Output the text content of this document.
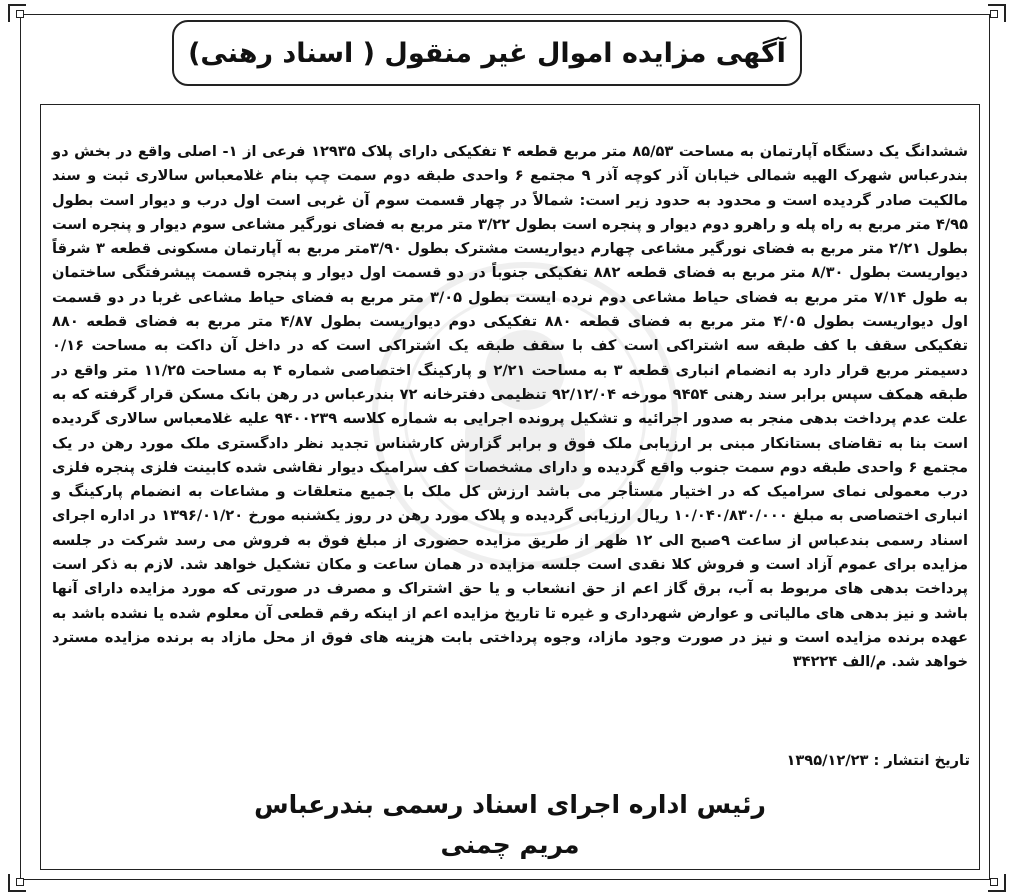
آگهی مزایده اموال غیر منقول ( اسناد رهنی)
ششدانگ یک دستگاه آپارتمان به مساحت ۸۵/۵۳ متر مربع قطعه ۴ تفکیکی دارای پلاک ۱۲۹۳۵ فرعی از ۱- اصلی واقع در بخش دو بندرعباس شهرک الهیه شمالی خیابان آذر کوچه آذر ۹ مجتمع ۶ واحدی طبقه دوم سمت چپ بنام غلامعباس سالاری ثبت و سند مالکیت صادر گردیده است و محدود به حدود زیر است: شمالاً در چهار قسمت سوم آن غربی است اول درب و دیوار است بطول ۴/۹۵ متر مربع به راه پله و راهرو دوم دیوار و پنجره است بطول ۳/۲۲ متر مربع به فضای نورگیر مشاعی سوم دیوار و پنجره است بطول ۲/۲۱ متر مربع به فضای نورگیر مشاعی چهارم دیواریست مشترک بطول ۳/۹۰متر مربع به آپارتمان مسکونی قطعه ۳ شرقاً دیواریست بطول ۸/۳۰ متر مربع به فضای قطعه ۸۸۲ تفکیکی جنوباً در دو قسمت اول دیوار و پنجره قسمت پیشرفتگی ساختمان به طول ۷/۱۴ متر مربع به فضای حیاط مشاعی دوم نرده ایست بطول ۳/۰۵ متر مربع به فضای حیاط مشاعی غربا در دو قسمت اول دیواریست بطول ۴/۰۵ متر مربع به فضای قطعه ۸۸۰ تفکیکی دوم دیواریست بطول ۴/۸۷ متر مربع به فضای قطعه ۸۸۰ تفکیکی سقف با کف طبقه سه اشتراکی است کف با سقف طبقه یک اشتراکی است که در داخل آن داکت به مساحت ۰/۱۶ دسیمتر مربع قرار دارد به انضمام انباری قطعه ۳ به مساحت ۲/۲۱ و پارکینگ اختصاصی شماره ۴ به مساحت ۱۱/۲۵ متر واقع در طبقه همکف سپس برابر سند رهنی ۹۴۵۴ مورخه ۹۲/۱۲/۰۴ تنظیمی دفترخانه ۷۲ بندرعباس در رهن بانک مسکن قرار گرفته که به علت عدم پرداخت بدهی منجر به صدور اجرائیه و تشکیل پرونده اجرایی به شماره کلاسه ۹۴۰۰۲۳۹ علیه غلامعباس سالاری گردیده است بنا به تقاضای بستانکار مبنی بر ارزیابی ملک فوق و برابر گزارش کارشناس تجدید نظر دادگستری ملک مورد رهن در یک مجتمع ۶ واحدی طبقه دوم سمت جنوب واقع گردیده و دارای مشخصات کف سرامیک دیوار نقاشی شده کابینت فلزی پنجره فلزی درب معمولی نمای سرامیک که در اختیار مستأجر می باشد ارزش کل ملک با جمیع متعلقات و مشاعات به انضمام پارکینگ و انباری اختصاصی به مبلغ ۱۰/۰۴۰/۸۳۰/۰۰۰ ریال ارزیابی گردیده و پلاک مورد رهن در روز یکشنبه مورخ ۱۳۹۶/۰۱/۲۰ در اداره اجرای اسناد رسمی بندعباس از ساعت ۹صبح الی ۱۲ ظهر از طریق مزایده حضوری از مبلغ فوق به فروش می رسد شرکت در جلسه مزایده برای عموم آزاد است و فروش کلا نقدی است جلسه مزایده در همان ساعت و مکان تشکیل خواهد شد. لازم به ذکر است پرداخت بدهی های مربوط به آب، برق گاز اعم از حق انشعاب و یا حق اشتراک و مصرف در صورتی که مورد مزایده دارای آنها باشد و نیز بدهی های مالیاتی و عوارض شهرداری و غیره تا تاریخ مزایده اعم از اینکه رقم قطعی آن معلوم شده یا نشده باشد به عهده برنده مزایده است و نیز در صورت وجود مازاد، وجوه پرداختی بابت هزینه های فوق از محل مازاد به برنده مزایده مسترد خواهد شد. م/الف ۳۴۲۲۴
تاریخ انتشار : ۱۳۹۵/۱۲/۲۳
رئیس اداره اجرای اسناد رسمی بندرعباس
مریم چمنی
